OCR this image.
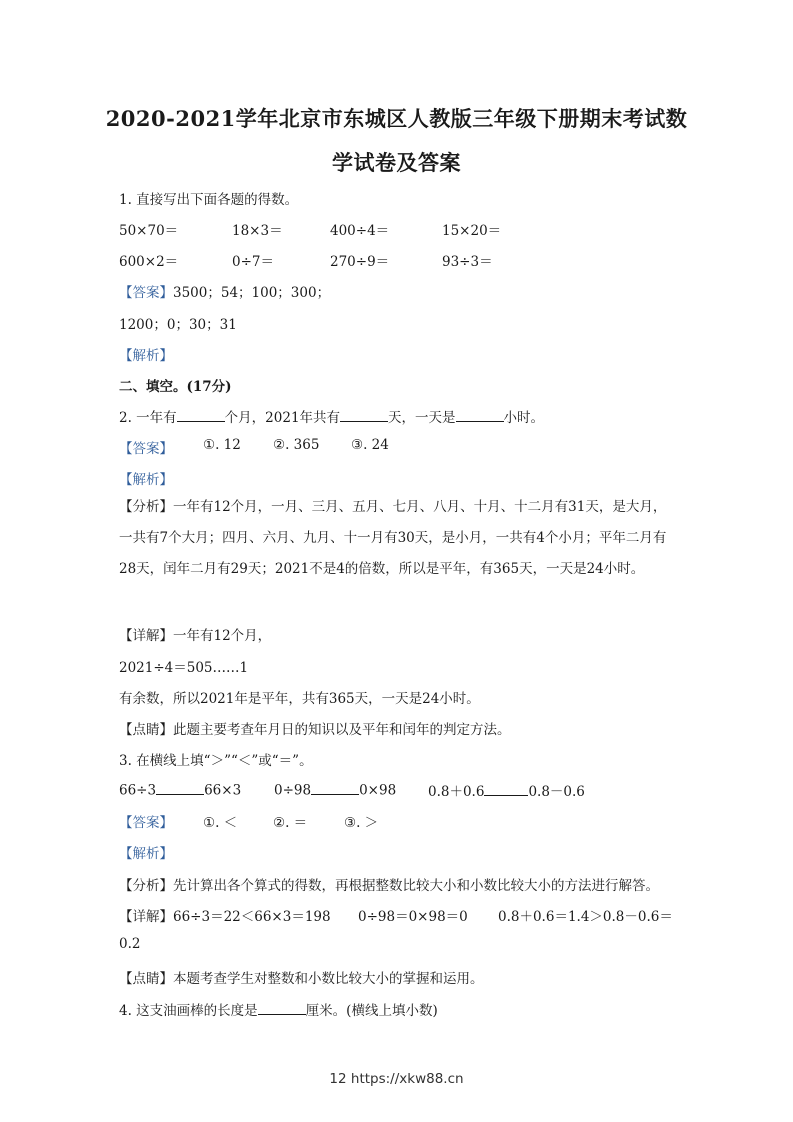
2020-2021学年北京市东城区人教版三年级下册期末考试数
学试卷及答案
1. 直接写出下面各题的得数。
50×70＝	18×3＝	400÷4＝	15×20＝
600×2＝	0÷7＝	270÷9＝	93÷3＝
【答案】3500；54；100；300；
1200；0；30；31
【解析】
二、填空。(17分)
2. 一年有	个月，2021年共有	天，一天是	小时。
【答案】 ①. 12 ②. 365 ③. 24
【解析】
【分析】一年有12个月，一月、三月、五月、七月、八月、十月、十二月有31天，是大月，一共有7个大月；四月、六月、九月、十一月有30天，是小月，一共有4个小月；平年二月有28天，闰年二月有29天；2021不是4的倍数，所以是平年，有365天，一天是24小时。
【详解】一年有12个月，
2021÷4＝505……1
有余数，所以2021年是平年，共有365天，一天是24小时。
【点睛】此题主要考查年月日的知识以及平年和闰年的判定方法。
3. 在横线上填“＞”“＜”或“＝”。
66÷3	66×3 0÷98	0×98 0.8＋0.6	0.8－0.6
【答案】 ①. ＜	②. ＝	③. ＞
【解析】
【分析】先计算出各个算式的得数，再根据整数比较大小和小数比较大小的方法进行解答。
【详解】66÷3＝22＜66×3＝198 0÷98＝0×98＝0 0.8＋0.6＝1.4＞0.8－0.6＝
0.2
【点睛】本题考查学生对整数和小数比较大小的掌握和运用。
4. 这支油画棒的长度是	厘米。(横线上填小数)
12 https://xkw88.cn
